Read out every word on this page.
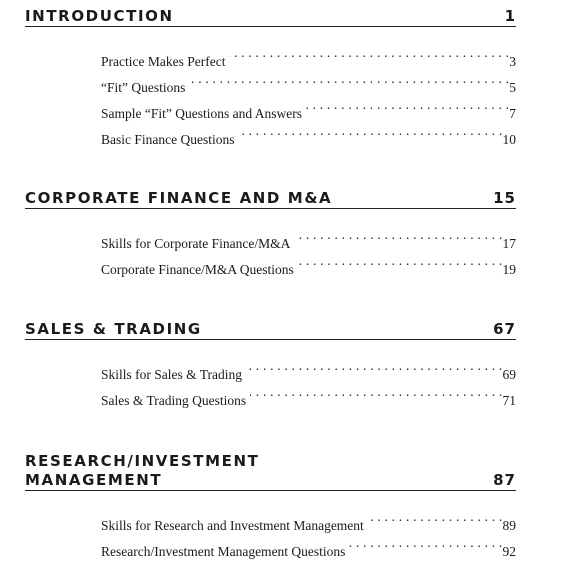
INTRODUCTION	1
Practice Makes Perfect . . .	3
“Fit” Questions . . .	5
Sample “Fit” Questions and Answers . . .	7
Basic Finance Questions . . .	10
CORPORATE FINANCE AND M&A	15
Skills for Corporate Finance/M&A . . .	17
Corporate Finance/M&A Questions . . .	19
SALES & TRADING	67
Skills for Sales & Trading . . .	69
Sales & Trading Questions . . .	71
RESEARCH/INVESTMENT
MANAGEMENT	87
Skills for Research and Investment Management . . .	89
Research/Investment Management Questions . . .	92
